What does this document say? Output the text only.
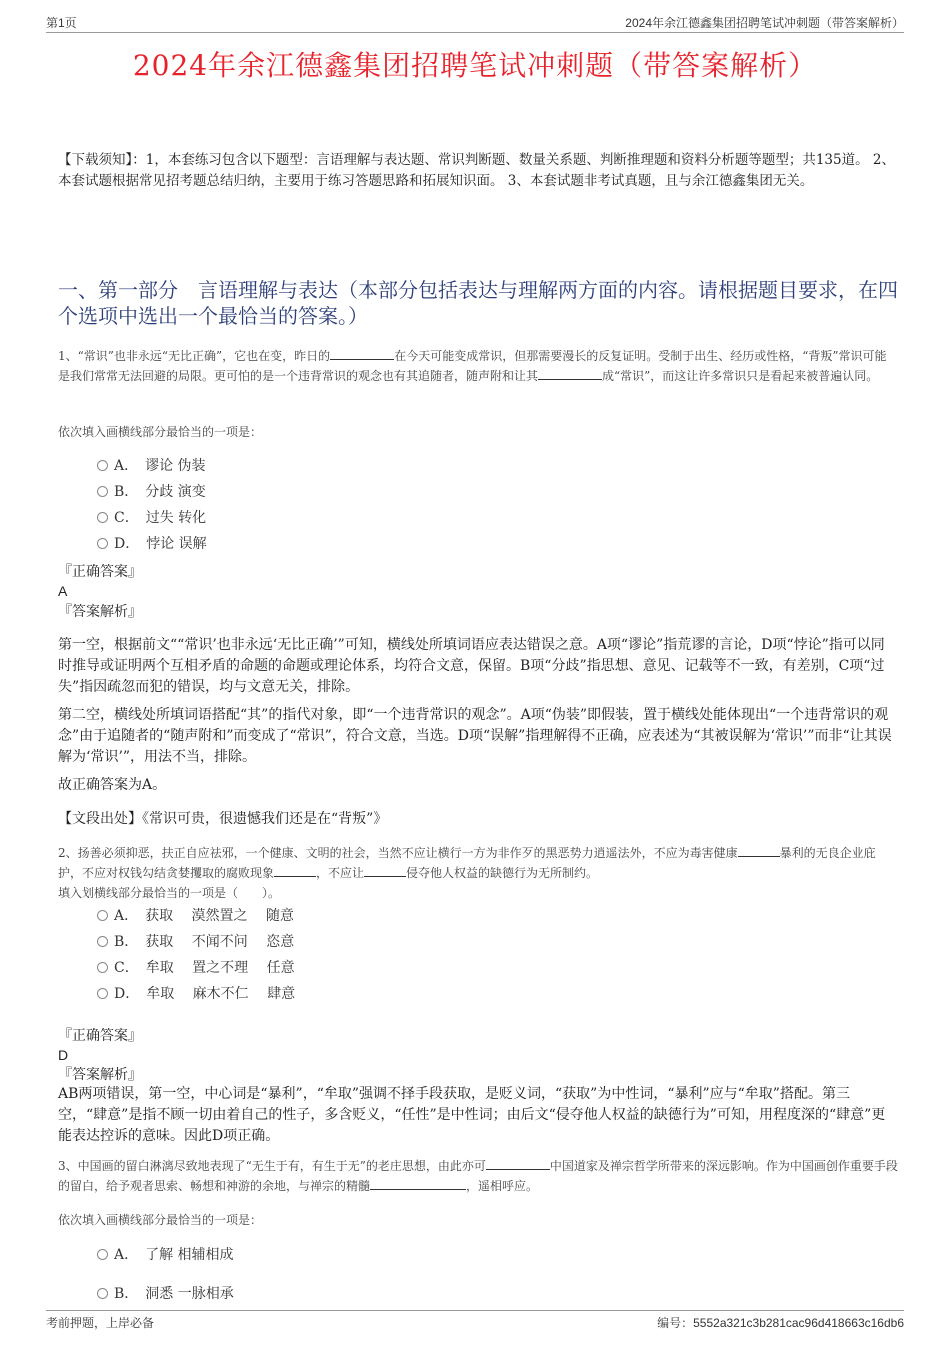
第1页	2024年余江德鑫集团招聘笔试冲刺题（带答案解析）
2024年余江德鑫集团招聘笔试冲刺题（带答案解析）
【下载须知】：1，本套练习包含以下题型：言语理解与表达题、常识判断题、数量关系题、判断推理题和资料分析题等题型；共135道。 2、本套试题根据常见招考题总结归纳，主要用于练习答题思路和拓展知识面。 3、本套试题非考试真题，且与余江德鑫集团无关。
一、第一部分　言语理解与表达（本部分包括表达与理解两方面的内容。请根据题目要求，在四个选项中选出一个最恰当的答案。）
1、“常识”也非永远“无比正确”，它也在变，昨日的	在今天可能变成常识，但那需要漫长的反复证明。受制于出生、经历或性格，“背叛”常识可能是我们常常无法回避的局限。更可怕的是一个违背常识的观念也有其追随者，随声附和让其	成“常识”，而这让许多常识只是看起来被普遍认同。
依次填入画横线部分最恰当的一项是：
A．　谬论 伪装
B．　分歧 演变
C．　过失 转化
D．　悖论 误解
『正确答案』
A
『答案解析』
第一空，根据前文““常识’也非永远‘无比正确’”可知，横线处所填词语应表达错误之意。A项“谬论”指荒谬的言论，D项“悖论”指可以同时推导或证明两个互相矛盾的命题的命题或理论体系，均符合文意，保留。B项“分歧”指思想、意见、记载等不一致，有差别，C项“过失”指因疏忽而犯的错误，均与文意无关，排除。
第二空，横线处所填词语搭配“其”的指代对象，即“一个违背常识的观念”。A项“伪装”即假装，置于横线处能体现出“一个违背常识的观念”由于追随者的“随声附和”而变成了“常识”，符合文意，当选。D项“误解”指理解得不正确，应表述为“其被误解为‘常识’”而非“让其误解为‘常识’”，用法不当，排除。
故正确答案为A。
【文段出处】《常识可贵，很遗憾我们还是在“背叛”》
2、扬善必须抑恶，扶正自应祛邪，一个健康、文明的社会，当然不应让横行一方为非作歹的黑恶势力逍遥法外，不应为毒害健康	暴利的无良企业庇护，不应对权钱勾结贪婪攫取的腐败现象	，不应让	侵夺他人权益的缺德行为无所制约。
填入划横线部分最恰当的一项是（　　）。
A．　获取　 漠然置之　 随意
B．　获取　 不闻不问　 恣意
C．　牟取　 置之不理　 任意
D．　牟取　 麻木不仁　 肆意
『正确答案』
D
『答案解析』
AB两项错误，第一空，中心词是“暴利”，“牟取”强调不择手段获取，是贬义词，“获取”为中性词，“暴利”应与“牟取”搭配。第三空，“肆意”是指不顾一切由着自己的性子，多含贬义，“任性”是中性词；由后文“侵夺他人权益的缺德行为”可知，用程度深的“肆意”更能表达控诉的意味。因此D项正确。
3、中国画的留白淋漓尽致地表现了“无生于有，有生于无”的老庄思想，由此亦可	中国道家及禅宗哲学所带来的深远影响。作为中国画创作重要手段的留白，给予观者思索、畅想和神游的余地，与禅宗的精髓	，遥相呼应。
依次填入画横线部分最恰当的一项是：
A．　了解 相辅相成
B．　洞悉 一脉相承
考前押题，上岸必备	编号：5552a321c3b281cac96d418663c16db6
